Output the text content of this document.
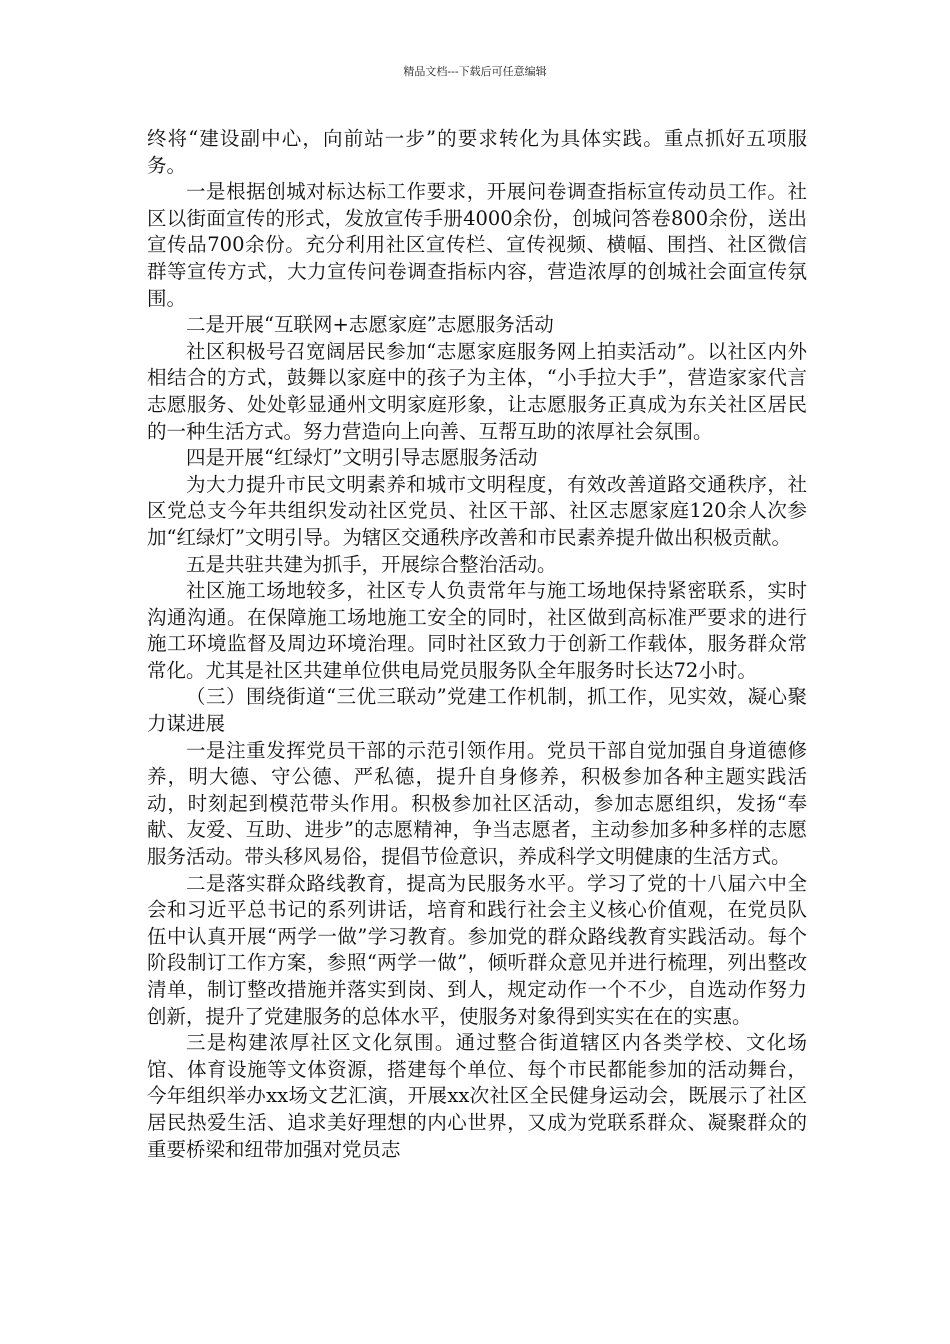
精品文档---下载后可任意编辑

终将“建设副中心，向前站一步”的要求转化为具体实践。重点抓好五项服务。

一是根据创城对标达标工作要求，开展问卷调查指标宣传动员工作。社区以街面宣传的形式，发放宣传手册4000余份，创城问答卷800余份，送出宣传品700余份。充分利用社区宣传栏、宣传视频、横幅、围挡、社区微信群等宣传方式，大力宣传问卷调查指标内容，营造浓厚的创城社会面宣传氛围。

二是开展“互联网+志愿家庭”志愿服务活动

社区积极号召宽阔居民参加“志愿家庭服务网上拍卖活动”。以社区内外相结合的方式，鼓舞以家庭中的孩子为主体，“小手拉大手”，营造家家代言志愿服务、处处彰显通州文明家庭形象，让志愿服务正真成为东关社区居民的一种生活方式。努力营造向上向善、互帮互助的浓厚社会氛围。

四是开展“红绿灯”文明引导志愿服务活动

为大力提升市民文明素养和城市文明程度，有效改善道路交通秩序，社区党总支今年共组织发动社区党员、社区干部、社区志愿家庭120余人次参加“红绿灯”文明引导。为辖区交通秩序改善和市民素养提升做出积极贡献。

五是共驻共建为抓手，开展综合整治活动。

社区施工场地较多，社区专人负责常年与施工场地保持紧密联系，实时沟通沟通。在保障施工场地施工安全的同时，社区做到高标准严要求的进行施工环境监督及周边环境治理。同时社区致力于创新工作载体，服务群众常常化。尤其是社区共建单位供电局党员服务队全年服务时长达72小时。

（三）围绕街道“三优三联动”党建工作机制，抓工作，见实效，凝心聚力谋进展

一是注重发挥党员干部的示范引领作用。党员干部自觉加强自身道德修养，明大德、守公德、严私德，提升自身修养，积极参加各种主题实践活动，时刻起到模范带头作用。积极参加社区活动，参加志愿组织，发扬“奉献、友爱、互助、进步”的志愿精神，争当志愿者，主动参加多种多样的志愿服务活动。带头移风易俗，提倡节俭意识，养成科学文明健康的生活方式。

二是落实群众路线教育，提高为民服务水平。学习了党的十八届六中全会和习近平总书记的系列讲话，培育和践行社会主义核心价值观，在党员队伍中认真开展“两学一做”学习教育。参加党的群众路线教育实践活动。每个阶段制订工作方案，参照“两学一做”，倾听群众意见并进行梳理，列出整改清单，制订整改措施并落实到岗、到人，规定动作一个不少，自选动作努力创新，提升了党建服务的总体水平，使服务对象得到实实在在的实惠。

三是构建浓厚社区文化氛围。通过整合街道辖区内各类学校、文化场馆、体育设施等文体资源，搭建每个单位、每个市民都能参加的活动舞台，今年组织举办xx场文艺汇演，开展xx次社区全民健身运动会，既展示了社区居民热爱生活、追求美好理想的内心世界，又成为党联系群众、凝聚群众的重要桥梁和纽带加强对党员志
